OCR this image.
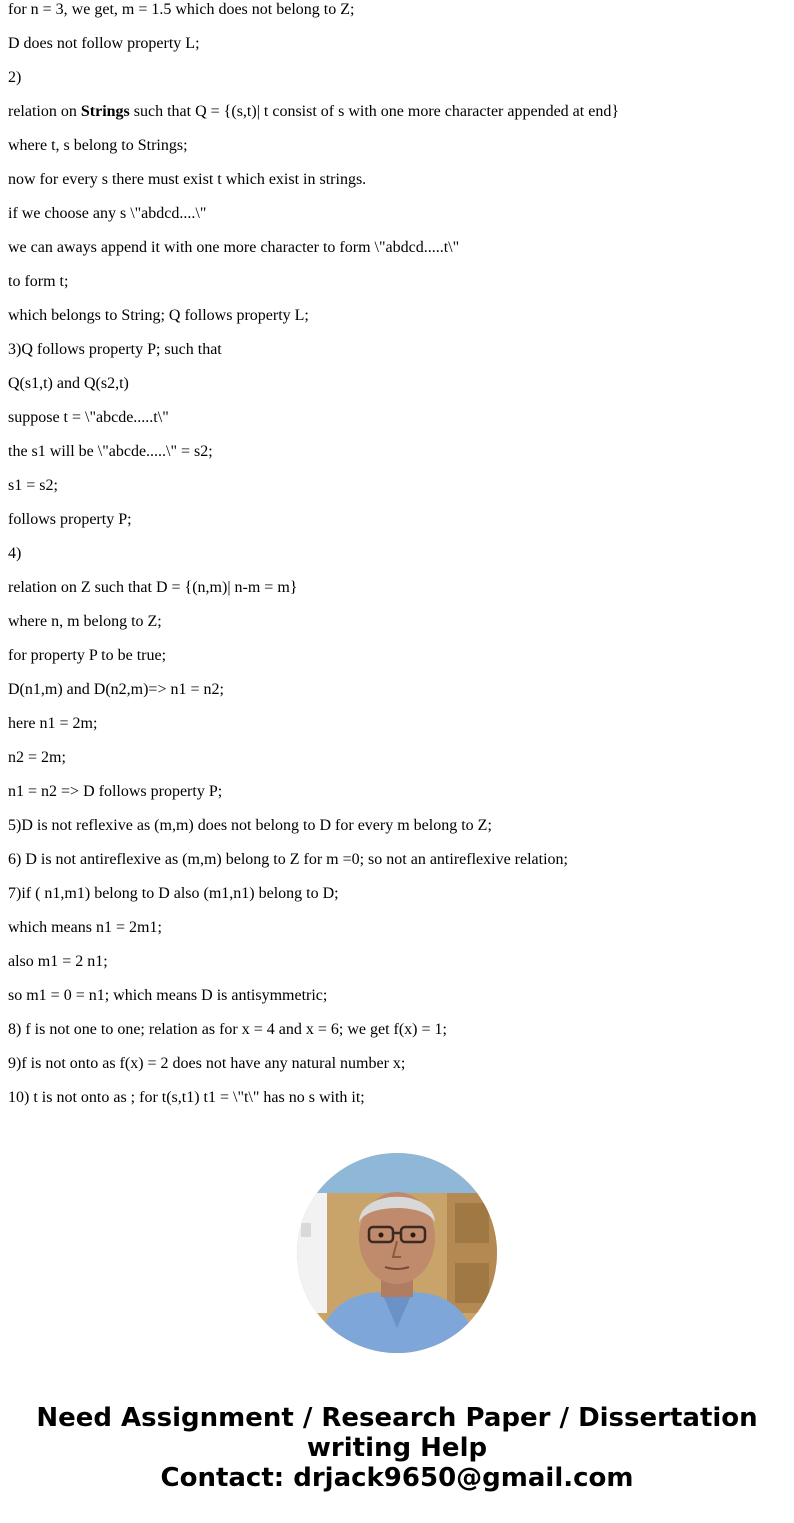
for n = 3, we get, m = 1.5 which does not belong to Z;
D does not follow property L;
2)
relation on Strings such that Q = {(s,t)| t consist of s with one more character appended at end}
where t, s belong to Strings;
now for every s there must exist t which exist in strings.
if we choose any s \"abdcd....\"
we can aways append it with one more character to form \"abdcd.....t\"
to form t;
which belongs to String; Q follows property L;
3)Q follows property P; such that
Q(s1,t) and Q(s2,t)
suppose t = \"abcde.....t\"
the s1 will be \"abcde.....\" = s2;
s1 = s2;
follows property P;
4)
relation on Z such that D = {(n,m)| n-m = m}
where n, m belong to Z;
for property P to be true;
D(n1,m) and D(n2,m)=> n1 = n2;
here n1 = 2m;
n2 = 2m;
n1 = n2 => D follows property P;
5)D is not reflexive as (m,m) does not belong to D for every m belong to Z;
6) D is not antireflexive as (m,m) belong to Z for m =0; so not an antireflexive relation;
7)if ( n1,m1) belong to D also (m1,n1) belong to D;
which means n1 = 2m1;
also m1 = 2 n1;
so m1 = 0 = n1; which means D is antisymmetric;
8) f is not one to one; relation as for x = 4 and x = 6; we get f(x) = 1;
9)f is not onto as f(x) = 2 does not have any natural number x;
10) t is not onto as ; for t(s,t1) t1 = \"t\" has no s with it;
Need Assignment / Research Paper / Dissertation
writing Help
Contact: drjack9650@gmail.com
